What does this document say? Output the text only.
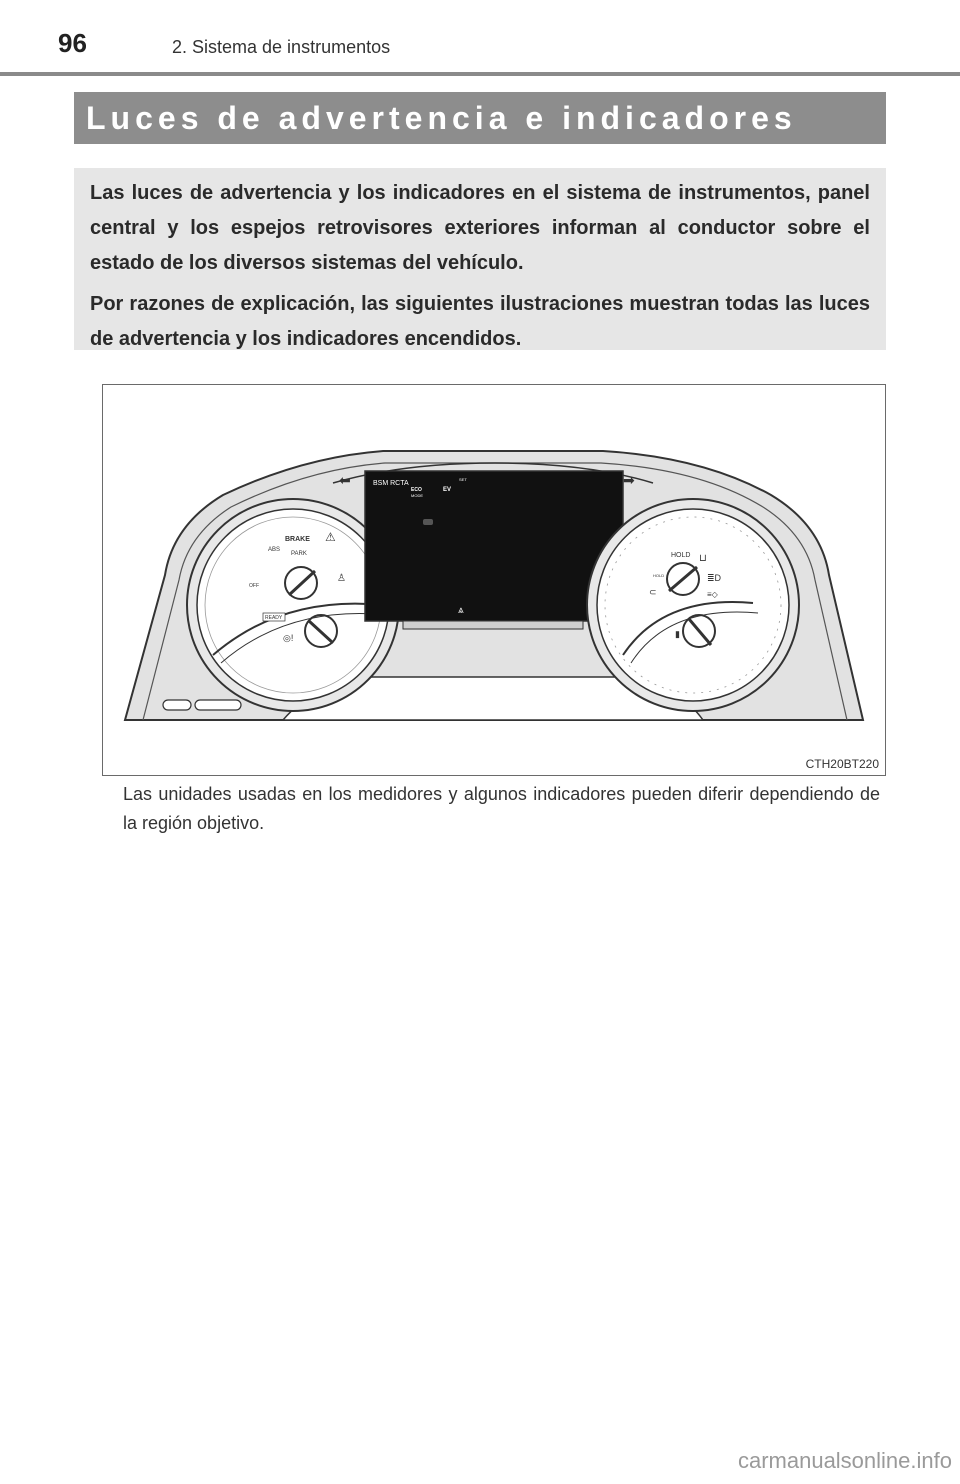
96	2. Sistema de instrumentos
Luces de advertencia e indicadores

Las luces de advertencia y los indicadores en el sistema de instrumentos, panel central y los espejos retrovisores exteriores informan al conductor sobre el estado de los diversos sistemas del vehículo.

Por razones de explicación, las siguientes ilustraciones muestran todas las luces de advertencia y los indicadores encendidos.

⬅	➡
BRAKE
ABS
PARK
OFF
READY
⚠
♙
◎!
BSM RCTA
ECO
MODE
EV
SET
⩓
HOLD
HOLD
⊔
≣D
≡◇
⊂
▮
CTH20BT220

Las unidades usadas en los medidores y algunos indicadores pueden diferir dependiendo de la región objetivo.

carmanualsonline.info
